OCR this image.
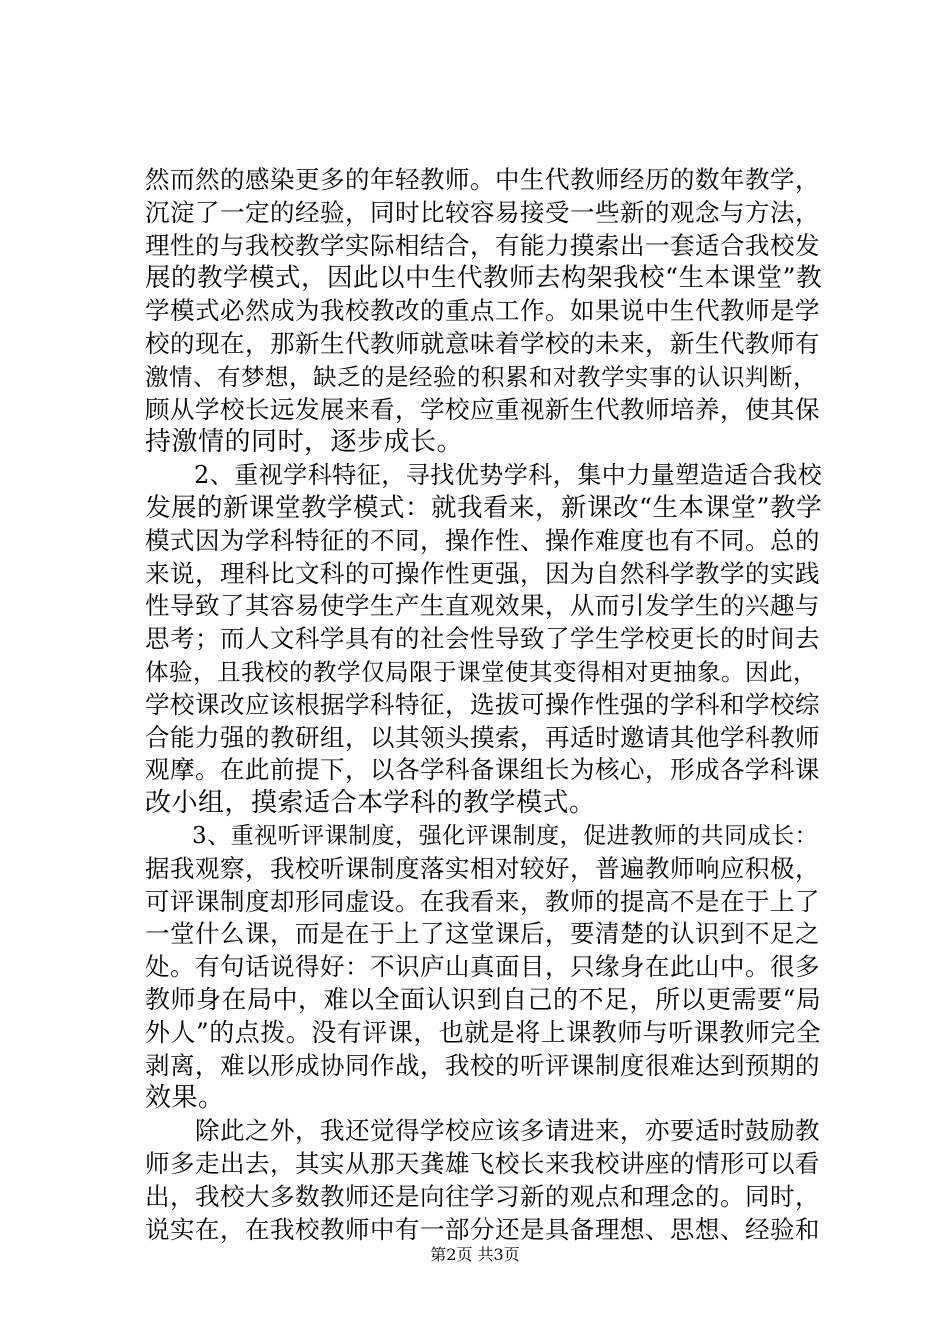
然而然的感染更多的年轻教师。中生代教师经历的数年教学，
沉淀了一定的经验，同时比较容易接受一些新的观念与方法，
理性的与我校教学实际相结合，有能力摸索出一套适合我校发
展的教学模式，因此以中生代教师去构架我校“生本课堂”教
学模式必然成为我校教改的重点工作。如果说中生代教师是学
校的现在，那新生代教师就意味着学校的未来，新生代教师有
激情、有梦想，缺乏的是经验的积累和对教学实事的认识判断，
顾从学校长远发展来看，学校应重视新生代教师培养，使其保
持激情的同时，逐步成长。
　　2、重视学科特征，寻找优势学科，集中力量塑造适合我校
发展的新课堂教学模式：就我看来，新课改“生本课堂”教学
模式因为学科特征的不同，操作性、操作难度也有不同。总的
来说，理科比文科的可操作性更强，因为自然科学教学的实践
性导致了其容易使学生产生直观效果，从而引发学生的兴趣与
思考；而人文科学具有的社会性导致了学生学校更长的时间去
体验，且我校的教学仅局限于课堂使其变得相对更抽象。因此，
学校课改应该根据学科特征，选拔可操作性强的学科和学校综
合能力强的教研组，以其领头摸索，再适时邀请其他学科教师
观摩。在此前提下，以各学科备课组长为核心，形成各学科课
改小组，摸索适合本学科的教学模式。
　　3、重视听评课制度，强化评课制度，促进教师的共同成长：
据我观察，我校听课制度落实相对较好，普遍教师响应积极，
可评课制度却形同虚设。在我看来，教师的提高不是在于上了
一堂什么课，而是在于上了这堂课后，要清楚的认识到不足之
处。有句话说得好：不识庐山真面目，只缘身在此山中。很多
教师身在局中，难以全面认识到自己的不足，所以更需要“局
外人”的点拨。没有评课，也就是将上课教师与听课教师完全
剥离，难以形成协同作战，我校的听评课制度很难达到预期的
效果。
　　除此之外，我还觉得学校应该多请进来，亦要适时鼓励教
师多走出去，其实从那天龚雄飞校长来我校讲座的情形可以看
出，我校大多数教师还是向往学习新的观点和理念的。同时，
说实在，在我校教师中有一部分还是具备理想、思想、经验和
第2页 共3页
